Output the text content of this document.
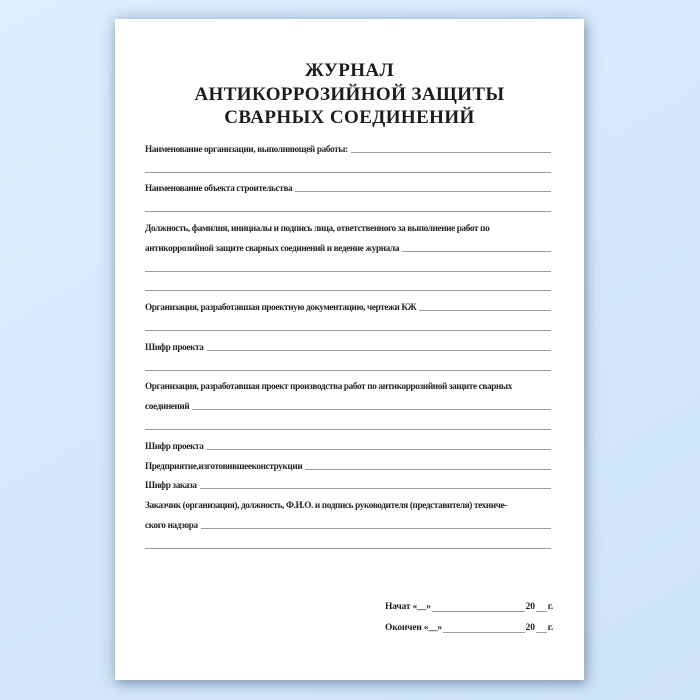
ЖУРНАЛ
АНТИКОРРОЗИЙНОЙ ЗАЩИТЫ
СВАРНЫХ СОЕДИНЕНИЙ
Наименование организации, выполняющей работы:
Наименование объекта строительства
Должность, фамилия, инициалы и подпись лица, ответственного за выполнение работ по
антикоррозийной защите сварных соединений и ведение журнала
Организация, разработавшая проектную документацию, чертежи КЖ
Шифр проекта
Организация, разработавшая проект производства работ по антикоррозийной защите сварных
соединений
Шифр проекта
Предприятие,изготовившееконструкции
Шифр заказа
Заказчик (организация), должность, Ф.И.О. и подпись руководителя (представителя) техниче-
ского надзора
Начат «__»	20 г.
Окончен «__»	20 г.
